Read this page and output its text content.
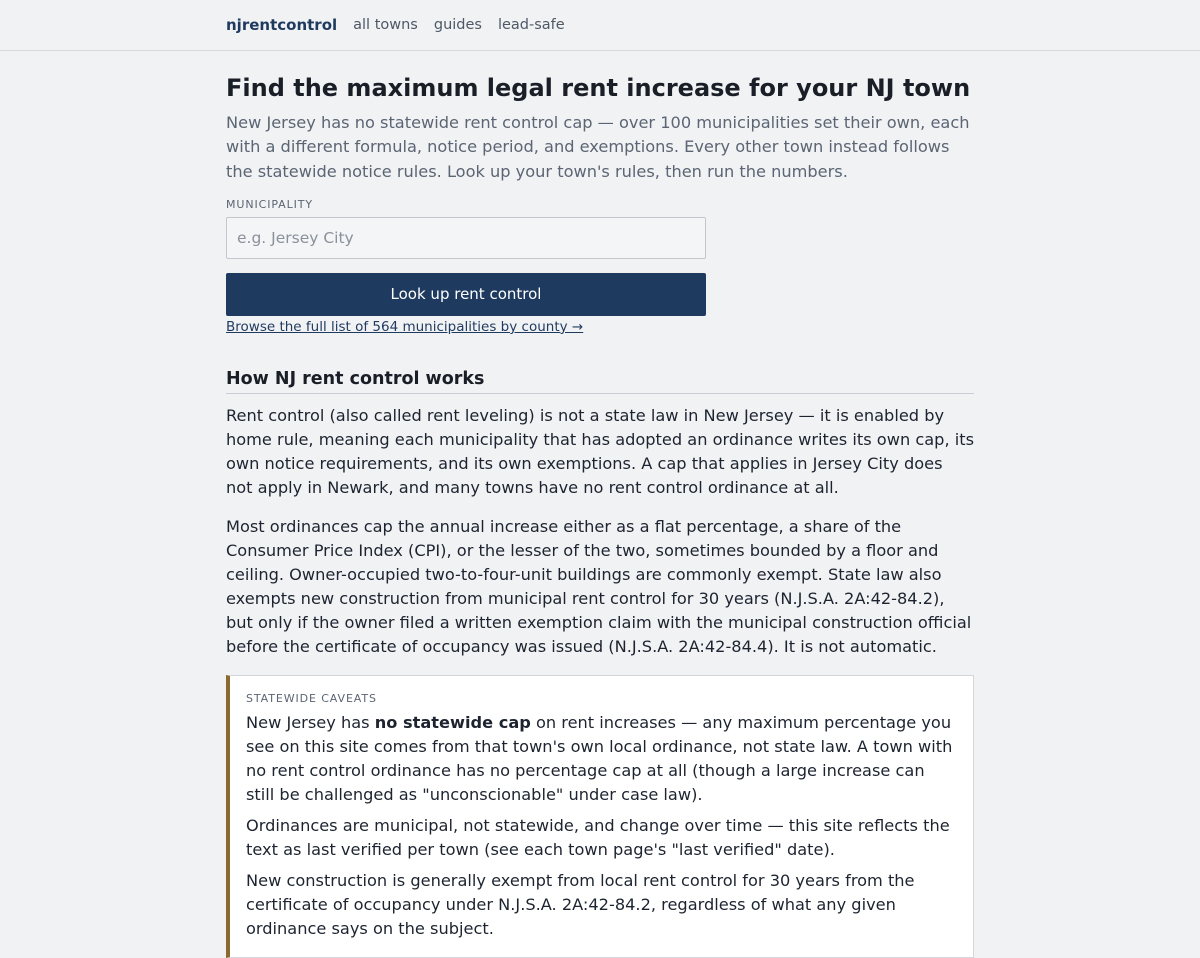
njrentcontrol all towns guides lead-safe
Find the maximum legal rent increase for your NJ town

New Jersey has no statewide rent control cap — over 100 municipalities set their own, each with a different formula, notice period, and exemptions. Every other town instead follows the statewide notice rules. Look up your town's rules, then run the numbers.

MUNICIPALITY
e.g. Jersey City
Look up rent control
Browse the full list of 564 municipalities by county →
How NJ rent control works

Rent control (also called rent leveling) is not a state law in New Jersey — it is enabled by home rule, meaning each municipality that has adopted an ordinance writes its own cap, its own notice requirements, and its own exemptions. A cap that applies in Jersey City does not apply in Newark, and many towns have no rent control ordinance at all.

Most ordinances cap the annual increase either as a flat percentage, a share of the Consumer Price Index (CPI), or the lesser of the two, sometimes bounded by a floor and ceiling. Owner-occupied two-to-four-unit buildings are commonly exempt. State law also exempts new construction from municipal rent control for 30 years (N.J.S.A. 2A:42-84.2), but only if the owner filed a written exemption claim with the municipal construction official before the certificate of occupancy was issued (N.J.S.A. 2A:42-84.4). It is not automatic.

STATEWIDE CAVEATS

New Jersey has no statewide cap on rent increases — any maximum percentage you see on this site comes from that town's own local ordinance, not state law. A town with no rent control ordinance has no percentage cap at all (though a large increase can still be challenged as "unconscionable" under case law).

Ordinances are municipal, not statewide, and change over time — this site reflects the text as last verified per town (see each town page's "last verified" date).

New construction is generally exempt from local rent control for 30 years from the certificate of occupancy under N.J.S.A. 2A:42-84.2, regardless of what any given ordinance says on the subject.
